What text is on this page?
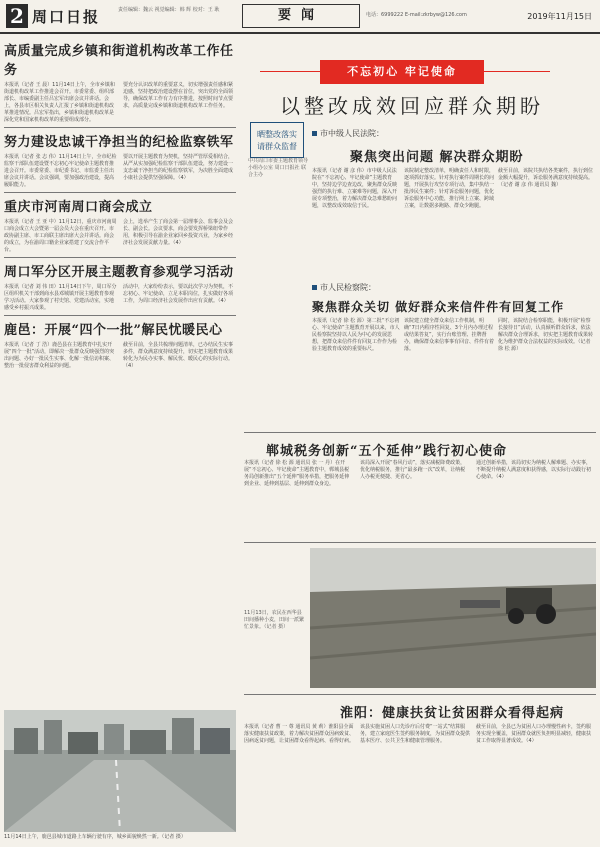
2 周口日报	责任编辑：魏云 视觉编辑：韩 辉 校对：王 耿	要闻	电话：6999222 E-mail:zkrbyw@126.com	2019年11月15日
高质量完成乡镇和街道机构改革工作任务
本报讯（记者 王 晨）11月14日上午，全市乡镇和街道机构改革工作推进会召开。市委常委、组织部部长、市编委副主任吕宏军出席会议并讲话。会上，各县市区相关负责人汇报了乡镇和街道机构改革推进情况。吕宏军指出，乡镇和街道机构改革是深化党和国家机构改革的重要组成部分。
要充分认识改革的重要意义，切实增强责任感和紧迫感，坚持把政治建设摆在首位，突出党的全面领导，确保改革工作有力有序推进，按照时间节点要求，高质量完成乡镇和街道机构改革工作任务。
努力建设忠诚干净担当的纪检监察铁军
本报讯（记者 张 志 伟）11月14日上午，全市纪检监察干部队伍建设暨不忘初心牢记使命主题教育推进会召开。市委常委、市纪委书记、市监委主任出席会议并讲话。会议强调，要加强政治建设，提高履职能力。
要以开展主题教育为契机，坚持严管厚爱相结合，从严从实加强纪检监察干部队伍建设，努力建设一支忠诚干净担当的纪检监察铁军，为决胜全面建成小康社会提供坚强保障。（4）
重庆市河南周口商会成立
本报讯（记者 王 亚 中）11月12日，重庆市河南周口商会成立大会暨第一届会员大会在重庆召开。市政协副主席、市工商联主席出席大会并讲话。商会的成立，为在渝周口籍企业家搭建了交流合作平台。
会上，选举产生了商会第一届理事会、监事会及会长、副会长。会议要求，商会要发挥桥梁纽带作用，积极引导在渝企业家回乡投资兴业，为家乡经济社会发展贡献力量。（4）
周口军分区开展主题教育参观学习活动
本报讯（记者 刘 伟 田）11月14日下午，周口军分区组织机关干部到商水县邓城镇开展主题教育参观学习活动。大家参观了村史馆、党建活动室，实地感受乡村振兴成果。
活动中，大家纷纷表示，要以此次学习为契机，不忘初心、牢记使命，立足本职岗位，扎实做好各项工作，为周口经济社会发展作出应有贡献。（4）
鹿邑：开展“四个一批”解民忧暖民心
本报讯（记者 丁 浩）鹿邑县在主题教育中扎实开展“四个一批”活动，即解决一批群众反映强烈的突出问题、办好一批民生实事、化解一批信访积案、整治一批侵害群众利益的问题。
截至目前，全县共梳理问题清单，已办结民生实事多件，群众满意度持续提升，切实把主题教育成果转化为为民办实事、解民忧、暖民心的实际行动。（4）
11月14日上午，鹿邑县城市道路上车辆行驶有序，城乡面貌焕然一新。（记者 摄）
不忘初心 牢记使命
以整改成效回应群众期盼
晒整改落实
请群众监督
中共周口市委主题教育领导小组办公室 周口日报社 联合主办
市中级人民法院：
聚焦突出问题 解决群众期盼
本报讯（记者 谢 彦 伟）市中级人民法院在“不忘初心、牢记使命”主题教育中，坚持边学边查边改，聚焦群众反映强烈的执行难、立案难等问题，深入开展专项整治，着力解决群众急难愁盼问题，以整改成效取信于民。
该院制定整改清单，明确责任人和时限，逐项抓好落实。针对执行案件周期长的问题，开展执行攻坚专项行动，集中执结一批涉民生案件；针对诉讼服务问题，优化诉讼服务中心功能，推行网上立案、跨域立案，让数据多跑路、群众少跑腿。
截至目前，该院共执结各类案件，执行到位金额大幅提升，诉讼服务满意度持续提高。（记者 谢 彦 伟 通讯员 魏）
市人民检察院：
聚焦群众关切 做好群众来信件件有回复工作
本报讯（记者 徐 松 源）第二批“不忘初心、牢记使命”主题教育开展以来，市人民检察院坚持以人民为中心的发展思想，把群众来信件件有回复工作作为检验主题教育成效的重要标尺。
该院建立健全群众来信工作机制，明确“7日内程序性回复、3个月内办理过程或结果答复”，实行台账管理、挂牌督办，确保群众来信事事有回音、件件有着落。
同时，该院结合检察职能，积极开展“检察长接待日”活动，认真倾听群众诉求，依法解决群众合理诉求，切实把主题教育成果转化为维护群众合法权益的实际成效。（记者 徐 松 源）
郸城税务创新“五个延伸”践行初心使命
本报讯（记者 徐 松 源 通讯员 张 一 丹）在开展“不忘初心、牢记使命”主题教育中，郸城县税务局创新推出“五个延伸”服务举措，把服务延伸到企业、延伸到基层、延伸到群众身边。
该局深入开展“春风行动”，落实减税降费政策，优化纳税服务，推行“最多跑一次”改革，让纳税人办税更便捷、更省心。
通过创新举措，该局切实为纳税人解难题、办实事，不断提升纳税人满意度和获得感，以实际行动践行初心使命。（4）
11月13日，农民在西华县田间播种小麦，田间一派繁忙景象。（记者 摄）
淮阳：健康扶贫让贫困群众看得起病
本报讯（记者 曹 一 尊 通讯员 黄 莉）淮阳县全面落实健康扶贫政策，着力解决贫困群众因病致贫、因病返贫问题，让贫困群众看得起病、看得好病。
该县实施贫困人口先诊疗后付费“一站式”结算服务，建立家庭医生签约服务制度，为贫困群众提供基本医疗、公共卫生和健康管理服务。
截至目前，全县已为贫困人口办理慢性病卡，签约服务实现全覆盖，贫困群众就医负担明显减轻，健康扶贫工作取得显著成效。（4）
